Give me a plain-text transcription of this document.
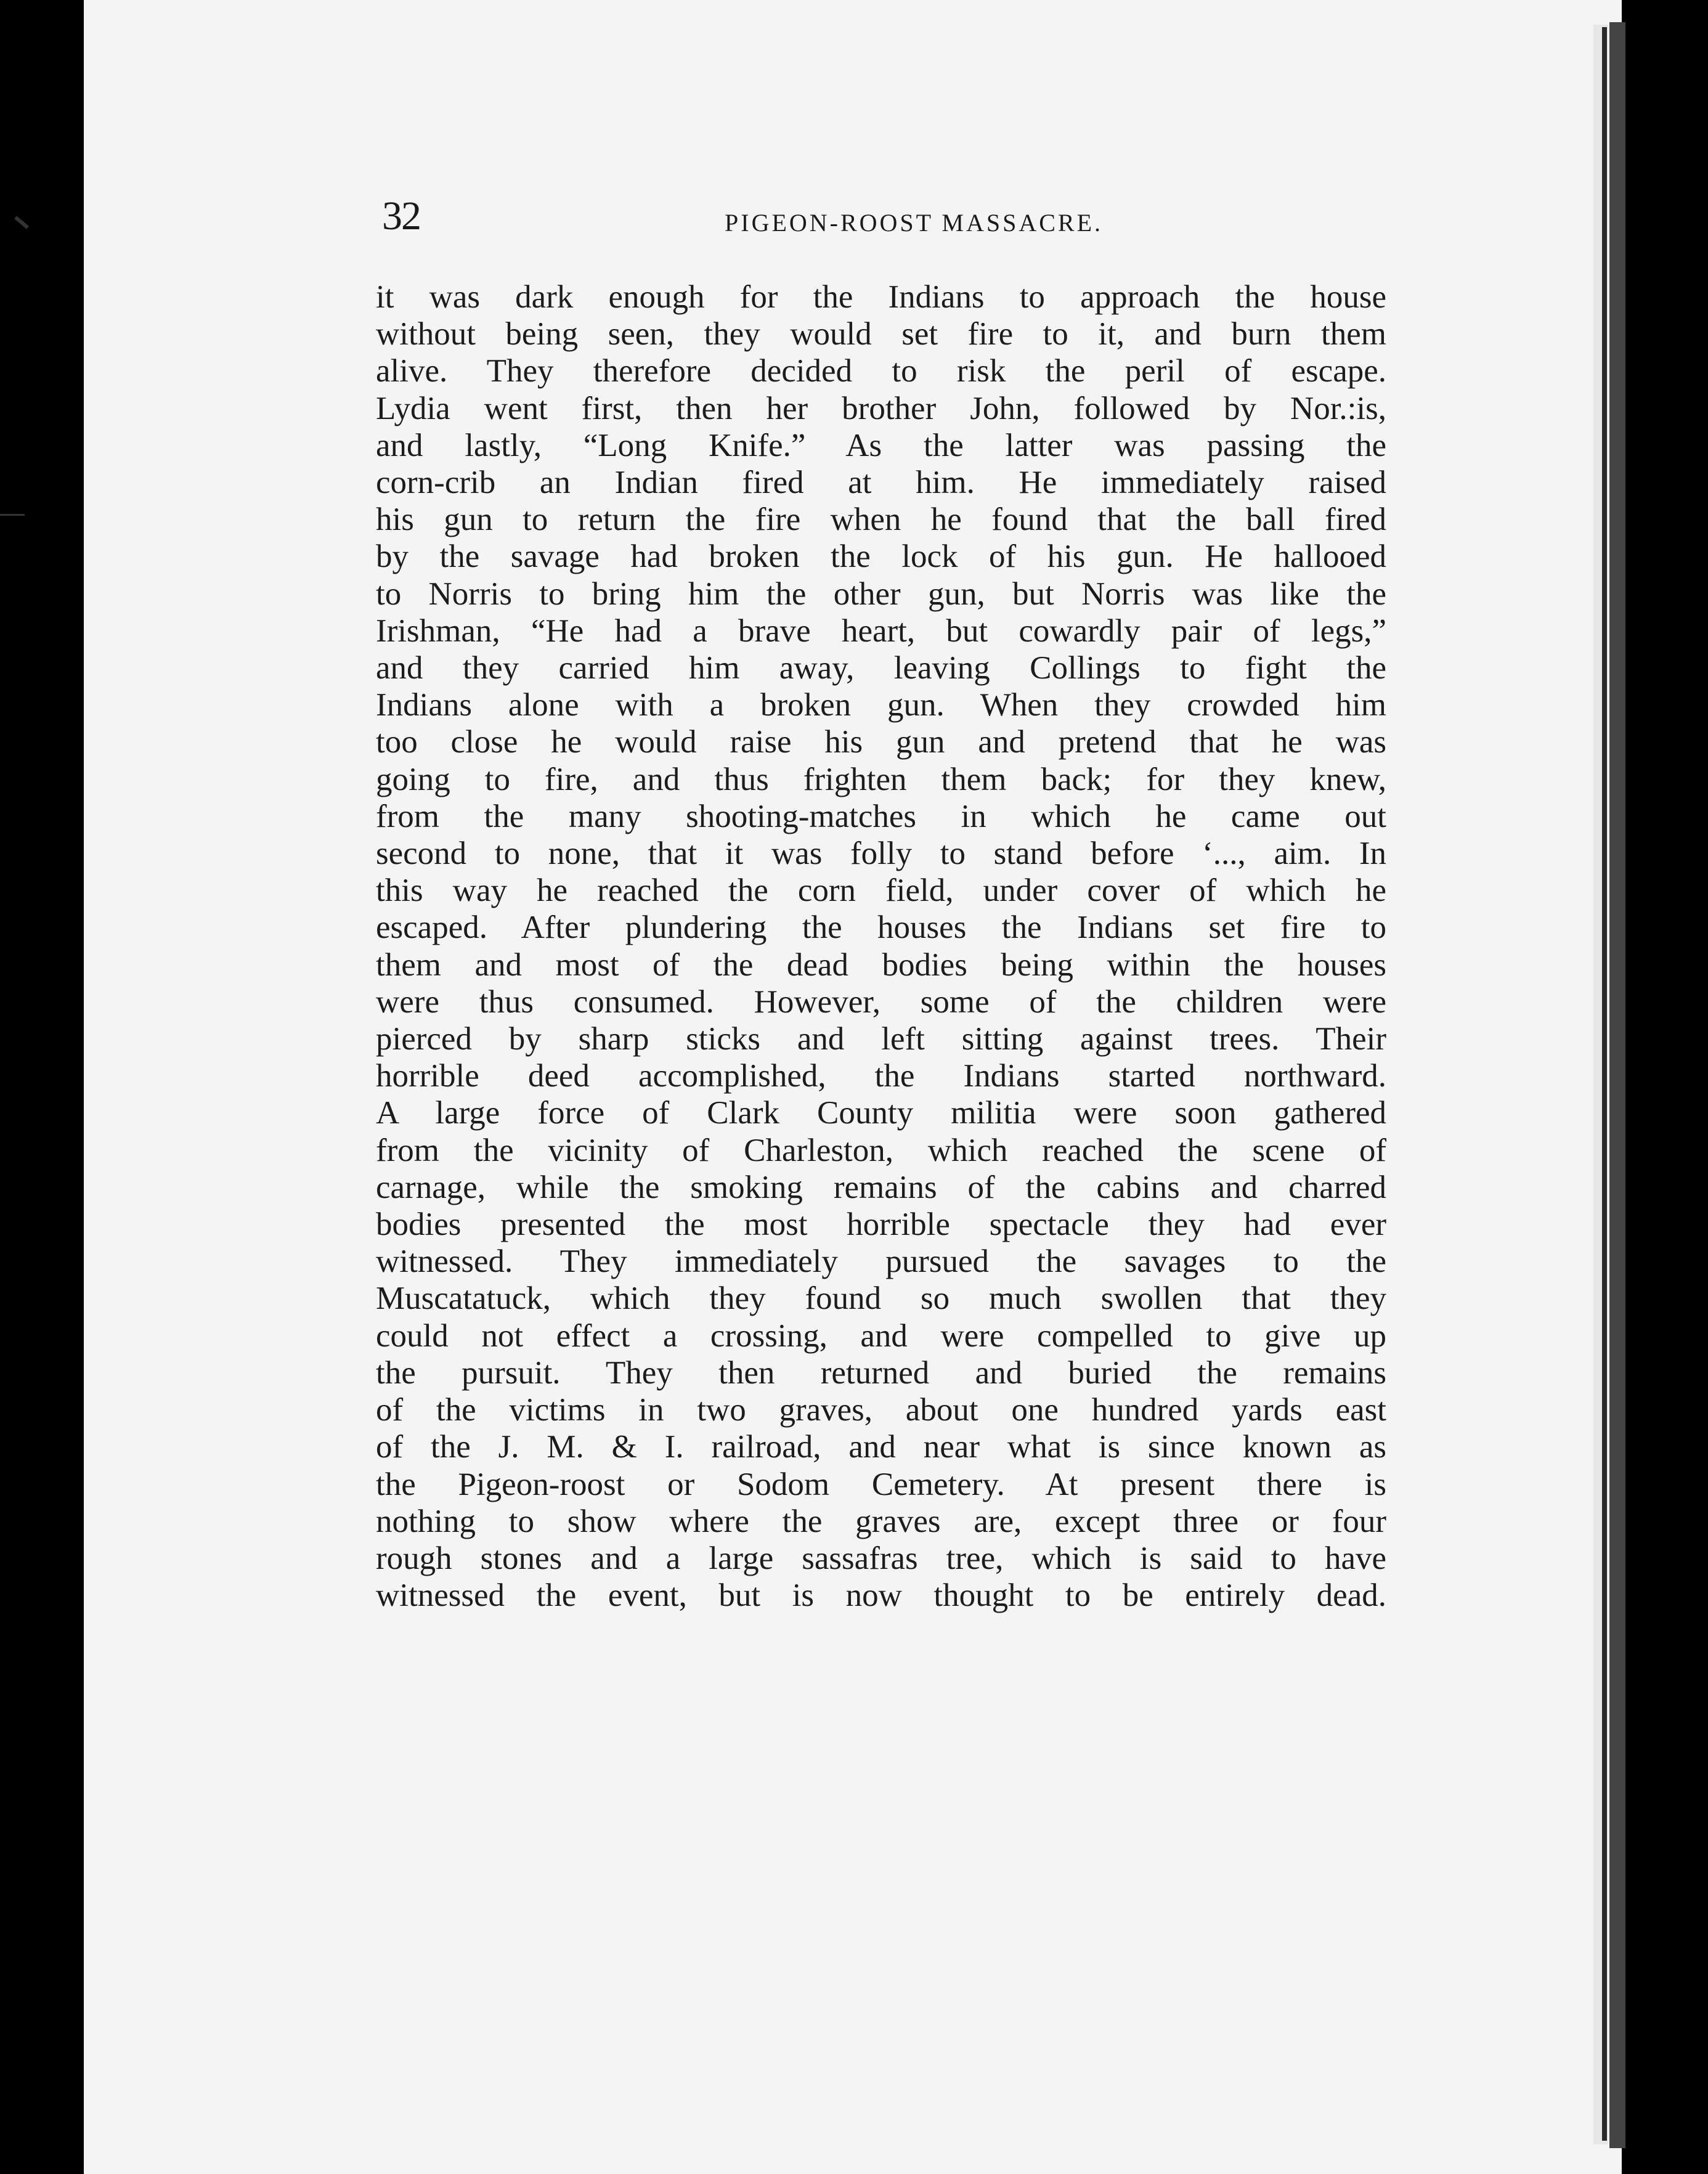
32	PIGEON-ROOST MASSACRE.
it was dark enough for the Indians to approach the house
without being seen, they would set fire to it, and burn them
alive. They therefore decided to risk the peril of escape.
Lydia went first, then her brother John, followed by Nor.:is,
and lastly, “Long Knife.” As the latter was passing the
corn-crib an Indian fired at him. He immediately raised
his gun to return the fire when he found that the ball fired
by the savage had broken the lock of his gun. He hallooed
to Norris to bring him the other gun, but Norris was like the
Irishman, “He had a brave heart, but cowardly pair of legs,”
and they carried him away, leaving Collings to fight the
Indians alone with a broken gun. When they crowded him
too close he would raise his gun and pretend that he was
going to fire, and thus frighten them back; for they knew,
from the many shooting-matches in which he came out
second to none, that it was folly to stand before ‘..., aim. In
this way he reached the corn field, under cover of which he
escaped. After plundering the houses the Indians set fire to
them and most of the dead bodies being within the houses
were thus consumed. However, some of the children were
pierced by sharp sticks and left sitting against trees. Their
horrible deed accomplished, the Indians started northward.
A large force of Clark County militia were soon gathered
from the vicinity of Charleston, which reached the scene of
carnage, while the smoking remains of the cabins and charred
bodies presented the most horrible spectacle they had ever
witnessed. They immediately pursued the savages to the
Muscatatuck, which they found so much swollen that they
could not effect a crossing, and were compelled to give up
the pursuit. They then returned and buried the remains
of the victims in two graves, about one hundred yards east
of the J. M. & I. railroad, and near what is since known as
the Pigeon-roost or Sodom Cemetery. At present there is
nothing to show where the graves are, except three or four
rough stones and a large sassafras tree, which is said to have
witnessed the event, but is now thought to be entirely dead.
